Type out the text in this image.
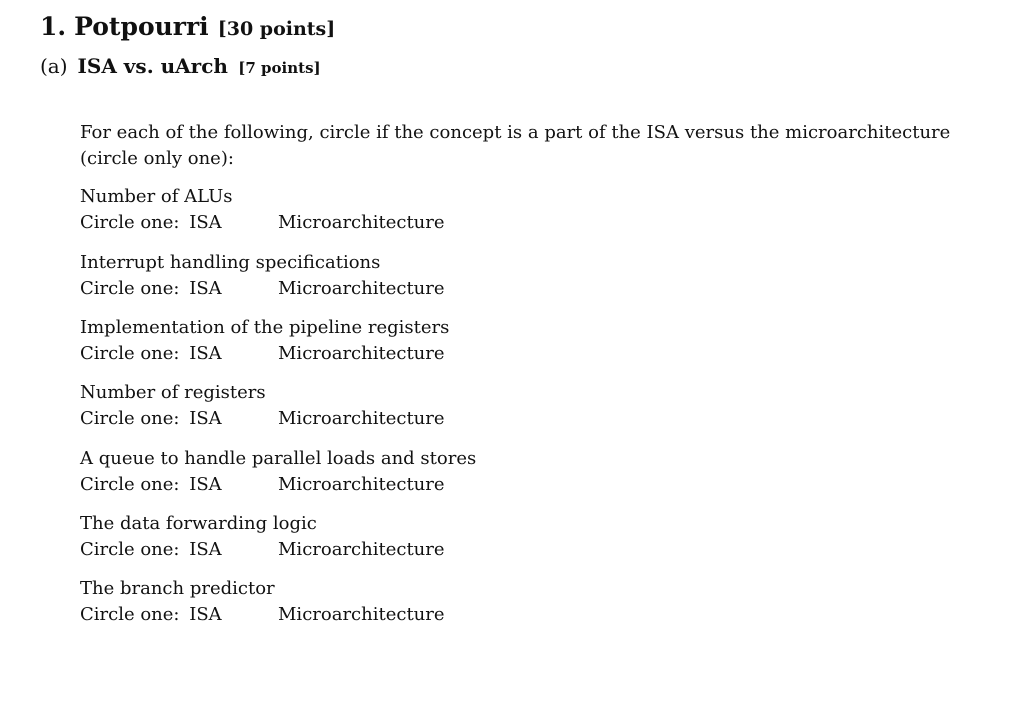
1. Potpourri [30 points]
(a) ISA vs. uArch [7 points]
For each of the following, circle if the concept is a part of the ISA versus the microarchitecture (circle only one):
Number of ALUs
Circle one: ISA	Microarchitecture
Interrupt handling specifications
Circle one: ISA	Microarchitecture
Implementation of the pipeline registers
Circle one: ISA	Microarchitecture
Number of registers
Circle one: ISA	Microarchitecture
A queue to handle parallel loads and stores
Circle one: ISA	Microarchitecture
The data forwarding logic
Circle one: ISA	Microarchitecture
The branch predictor
Circle one: ISA	Microarchitecture
